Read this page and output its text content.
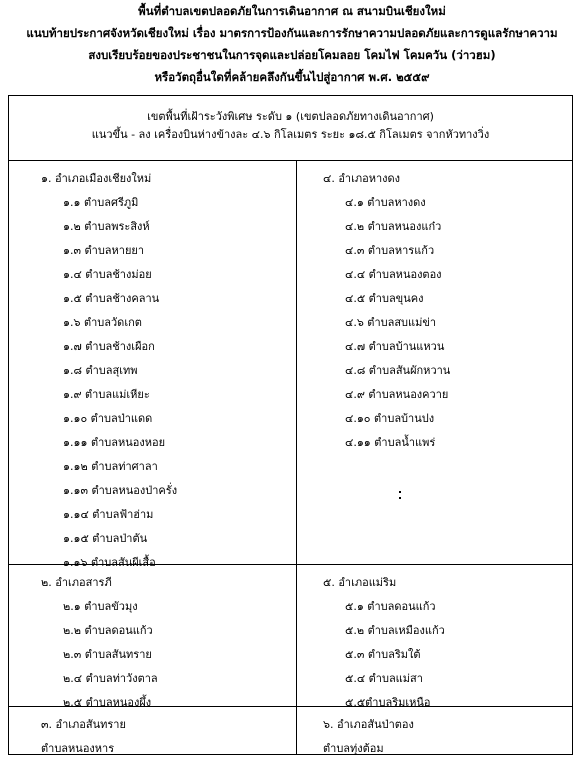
พื้นที่ตำบลเขตปลอดภัยในการเดินอากาศ ณ สนามบินเชียงใหม่
แนบท้ายประกาศจังหวัดเชียงใหม่ เรื่อง มาตรการป้องกันและการรักษาความปลอดภัยและการดูแลรักษาความ
สงบเรียบร้อยของประชาชนในการจุดและปล่อยโคมลอย โคมไฟ โคมควัน (ว่าวฮม)
หรือวัตถุอื่นใดที่คล้ายคลึงกันขึ้นไปสู่อากาศ พ.ศ. ๒๕๕๙
เขตพื้นที่เฝ้าระวังพิเศษ ระดับ ๑ (เขตปลอดภัยทางเดินอากาศ)
แนวขึ้น - ลง เครื่องบินห่างข้างละ ๔.๖ กิโลเมตร ระยะ ๑๘.๕ กิโลเมตร จากหัวทางวิ่ง
๑. อำเภอเมืองเชียงใหม่
๑.๑ ตำบลศรีภูมิ
๑.๒ ตำบลพระสิงห์
๑.๓ ตำบลหายยา
๑.๔ ตำบลช้างม่อย
๑.๕ ตำบลช้างคลาน
๑.๖ ตำบลวัดเกต
๑.๗ ตำบลช้างเผือก
๑.๘ ตำบลสุเทพ
๑.๙ ตำบลแม่เหียะ
๑.๑๐ ตำบลป่าแดด
๑.๑๑ ตำบลหนองหอย
๑.๑๒ ตำบลท่าศาลา
๑.๑๓ ตำบลหนองป่าครั่ง
๑.๑๔ ตำบลฟ้าฮ่าม
๑.๑๕ ตำบลป่าตัน
๑.๑๖ ตำบลสันผีเสื้อ
๔. อำเภอหางดง
๔.๑ ตำบลหางดง
๔.๒ ตำบลหนองแก๋ว
๔.๓ ตำบลหารแก้ว
๔.๔ ตำบลหนองตอง
๔.๕ ตำบลขุนคง
๔.๖ ตำบลสบแม่ข่า
๔.๗ ตำบลบ้านแหวน
๔.๘ ตำบลสันผักหวาน
๔.๙ ตำบลหนองควาย
๔.๑๐ ตำบลบ้านปง
๔.๑๑ ตำบลน้ำแพร่
๒. อำเภอสารภี
๒.๑ ตำบลขัวมุง
๒.๒ ตำบลดอนแก้ว
๒.๓ ตำบลสันทราย
๒.๔ ตำบลท่าวังตาล
๒.๕ ตำบลหนองผึ้ง
๕. อำเภอแม่ริม
๕.๑ ตำบลดอนแก้ว
๕.๒ ตำบลเหมืองแก้ว
๕.๓ ตำบลริมใต้
๕.๔ ตำบลแม่สา
๕.๕ตำบลริมเหนือ
๓. อำเภอสันทราย
ตำบลหนองหาร
๖. อำเภอสันป่าตอง
ตำบลทุ่งต้อม
